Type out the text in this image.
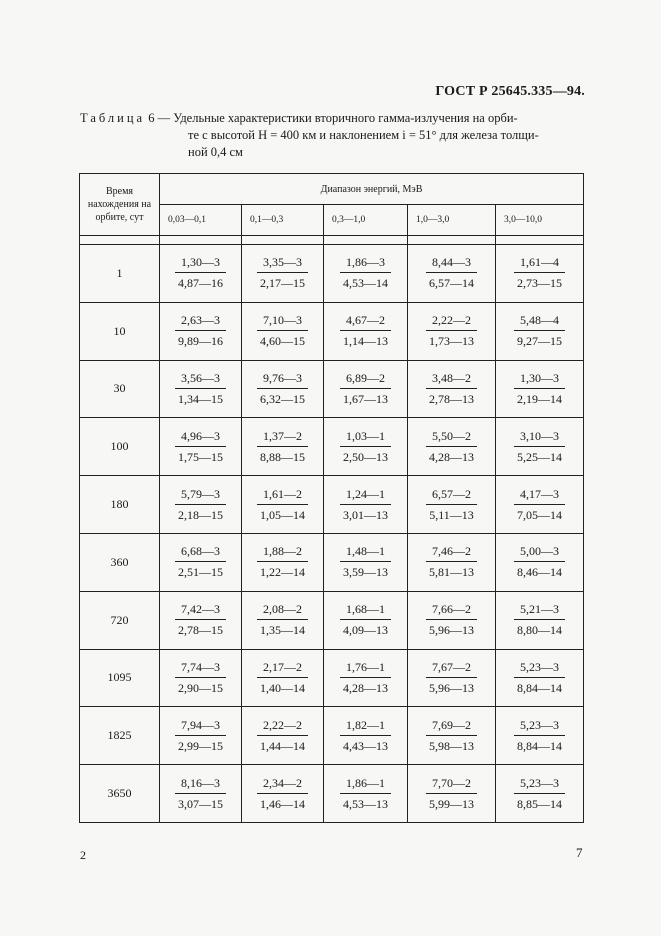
ГОСТ Р 25645.335—94.
Таблица 6 — Удельные характеристики вторичного гамма-излучения на орби-
те с высотой H = 400 км и наклонением i = 51° для железа толщи-
ной 0,4 см
Время нахождения на орбите, сут	Диапазон энергий, МэВ				
	0,03—0,1	0,1—0,3	0,3—1,0	1,0—3,0	3,0—10,0

1	$\frac{1,30—3}{4,87—16}$	$\frac{3,35—3}{2,17—15}$	$\frac{1,86—3}{4,53—14}$	$\frac{8,44—3}{6,57—14}$	$\frac{1,61—4}{2,73—15}$

10	$\frac{2,63—3}{9,89—16}$	$\frac{7,10—3}{4,60—15}$	$\frac{4,67—2}{1,14—13}$	$\frac{2,22—2}{1,73—13}$	$\frac{5,48—4}{9,27—15}$

30	$\frac{3,56—3}{1,34—15}$	$\frac{9,76—3}{6,32—15}$	$\frac{6,89—2}{1,67—13}$	$\frac{3,48—2}{2,78—13}$	$\frac{1,30—3}{2,19—14}$

100	$\frac{4,96—3}{1,75—15}$	$\frac{1,37—2}{8,88—15}$	$\frac{1,03—1}{2,50—13}$	$\frac{5,50—2}{4,28—13}$	$\frac{3,10—3}{5,25—14}$

180	$\frac{5,79—3}{2,18—15}$	$\frac{1,61—2}{1,05—14}$	$\frac{1,24—1}{3,01—13}$	$\frac{6,57—2}{5,11—13}$	$\frac{4,17—3}{7,05—14}$

360	$\frac{6,68—3}{2,51—15}$	$\frac{1,88—2}{1,22—14}$	$\frac{1,48—1}{3,59—13}$	$\frac{7,46—2}{5,81—13}$	$\frac{5,00—3}{8,46—14}$

720	$\frac{7,42—3}{2,78—15}$	$\frac{2,08—2}{1,35—14}$	$\frac{1,68—1}{4,09—13}$	$\frac{7,66—2}{5,96—13}$	$\frac{5,21—3}{8,80—14}$

1095	$\frac{7,74—3}{2,90—15}$	$\frac{2,17—2}{1,40—14}$	$\frac{1,76—1}{4,28—13}$	$\frac{7,67—2}{5,96—13}$	$\frac{5,23—3}{8,84—14}$

1825	$\frac{7,94—3}{2,99—15}$	$\frac{2,22—2}{1,44—14}$	$\frac{1,82—1}{4,43—13}$	$\frac{7,69—2}{5,98—13}$	$\frac{5,23—3}{8,84—14}$

3650	$\frac{8,16—3}{3,07—15}$	$\frac{2,34—2}{1,46—14}$	$\frac{1,86—1}{4,53—13}$	$\frac{7,70—2}{5,99—13}$	$\frac{5,23—3}{8,85—14}$
2	7
